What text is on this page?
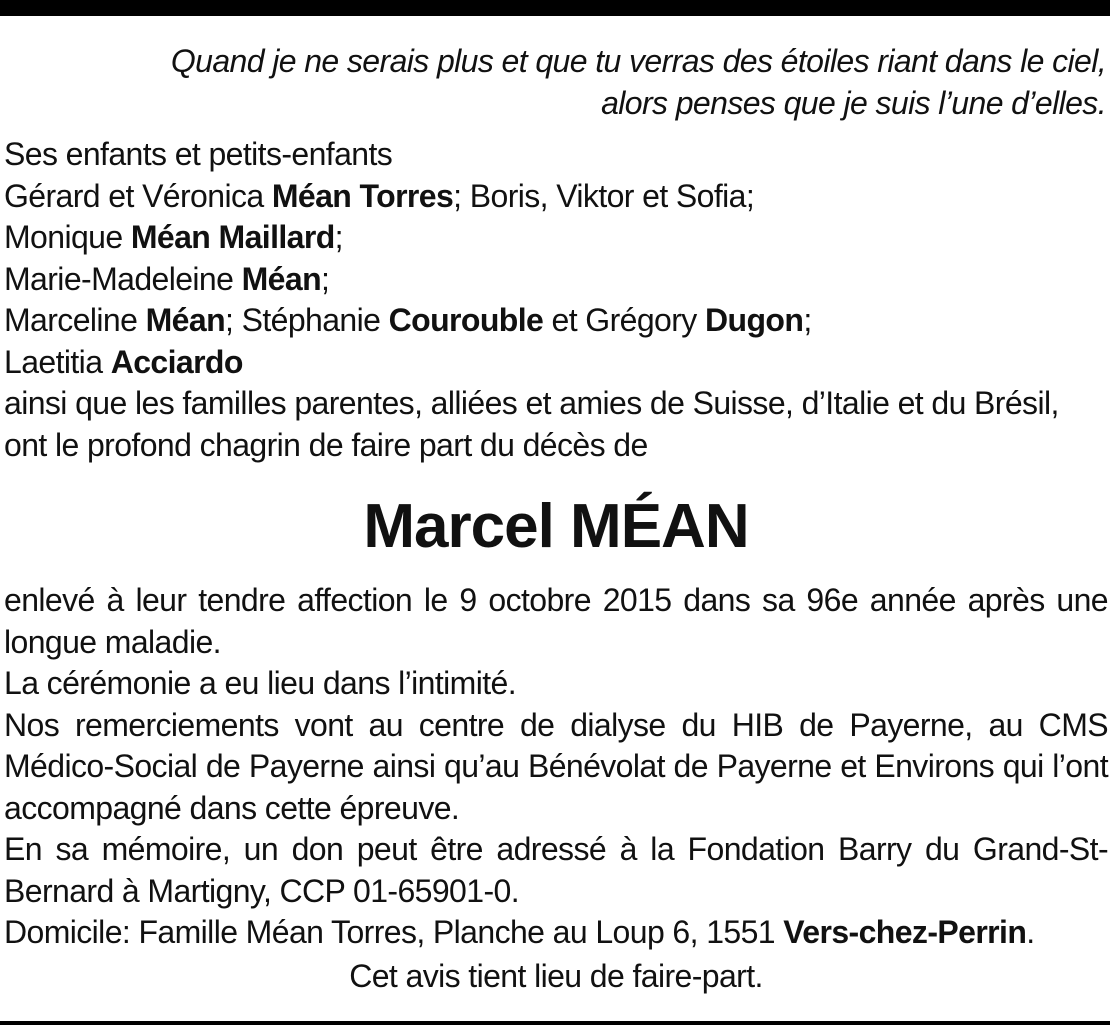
Quand je ne serais plus et que tu verras des étoiles riant dans le ciel,
alors penses que je suis l’une d’elles.

Ses enfants et petits-enfants

Gérard et Véronica Méan Torres; Boris, Viktor et Sofia;

Monique Méan Maillard;

Marie-Madeleine Méan;

Marceline Méan; Stéphanie Courouble et Grégory Dugon;

Laetitia Acciardo

ainsi que les familles parentes, alliées et amies de Suisse, d’Italie et du Brésil,

ont le profond chagrin de faire part du décès de

Marcel MÉAN

enlevé à leur tendre affection le 9 octobre 2015 dans sa 96e année après une longue maladie.

La cérémonie a eu lieu dans l’intimité.

Nos remerciements vont au centre de dialyse du HIB de Payerne, au CMS Médico-Social de Payerne ainsi qu’au Bénévolat de Payerne et Environs qui l’ont accompagné dans cette épreuve.

En sa mémoire, un don peut être adressé à la Fondation Barry du Grand-St-Bernard à Martigny, CCP 01-65901-0.

Domicile: Famille Méan Torres, Planche au Loup 6, 1551 Vers-chez-Perrin.

Cet avis tient lieu de faire-part.
